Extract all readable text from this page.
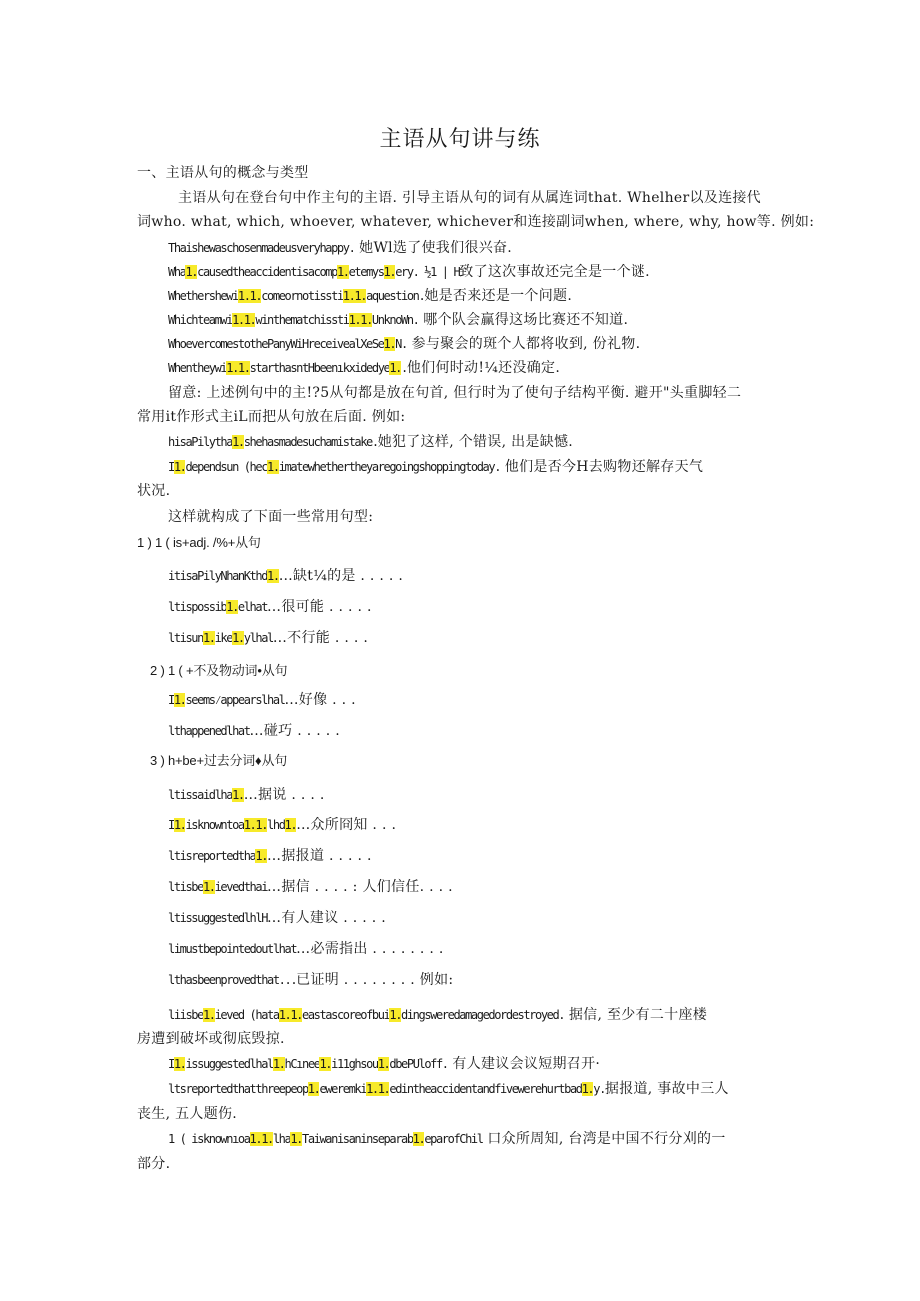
主语从句讲与练
一、主语从句的概念与类型
主语从句在登台句中作主句的主语. 引导主语从句的词有从属连词that. Whelher以及连接代
词who. what, which, whoever, whatever, whichever和连接副词when, where, why, how等. 例如:
Thaishewaschosenmadeusveryhappy. 她Wl选了使我们很兴奋.
Wha1.causedtheaccidentisacomp1.etemys1.ery. ½1 | H致了这次事故还完全是一个谜.
Whethershewi1.1.comeornotissti1.1.aquestion.她是否来还是一个问题.
Whichteamwi1.1.winthematchissti1.1.UnknoWn. 哪个队会赢得这场比赛还不知道.
WhoevercomestothePanyWiHreceivealXeSe1.N. 参与聚会的斑个人都将收到, 份礼物.
Whentheywi1.1.starthasntHbeenıkxidedye1..他们何时动!¼还没确定.
留意: 上述例句中的主!?5从句都是放在句首, 但行时为了使句子结构平衡. 避开"头重脚轻二
常用it作形式主iL而把从句放在后面. 例如:
hisaPilytha1.shehasmadesuchamistake.她犯了这样, 个错误, 出是缺憾.
I1.dependsun (hec1.imatewhethertheyaregoingshoppingtoday. 他们是否今H去购物还解存天气
状况.
这样就构成了下面一些常用句型:
1 ) 1 ( is+adj. /%+从句
itisaPilyNhanKthd1.…缺t¼的是 . . . . .
ltispossib1.elhat…很可能 . . . . .
ltisun1.ike1.ylhal…不行能 . . . .
2 ) 1 ( +不及物动词•从句
I1.seems⁄appearslhal…好像 . . .
lthappenedlhat…碰巧 . . . . .
3 ) h+be+过去分词♦从句
ltissaidlha1.…据说 . . . .
I1.isknowntoa1.1.lhd1.…众所冏知 . . .
ltisreportedtha1.…据报道 . . . . .
ltisbe1.ievedthai…据信 . . . . : 人们信任. . . .
ltissuggestedlhlH…有人建议 . . . . .
limustbepointedoutlhat…必需指出 . . . . . . . .
lthasbeenprovedthat...已证明 . . . . . . . . 例如:
liisbe1.ieved (hata1.1.eastascoreofbui1.dingsweredamagedordestroyed. 据信, 至少有二十座楼
房遭到破坏或彻底毁掠.
I1.issuggestedlhal1.hCınee1.i11ghsou1.dbePUloff. 有人建议会议短期召开·
ltsreportedthatthreepeop1.eweremki1.1.edintheaccidentandfivewerehurtbad1.y.据报道, 事故中三人
丧生, 五人题伤.
1 ( isknownıoa1.1.lha1.Taiwanisaninseparab1.eparofChil 口众所周知, 台湾是中国不行分刈的一
部分.
